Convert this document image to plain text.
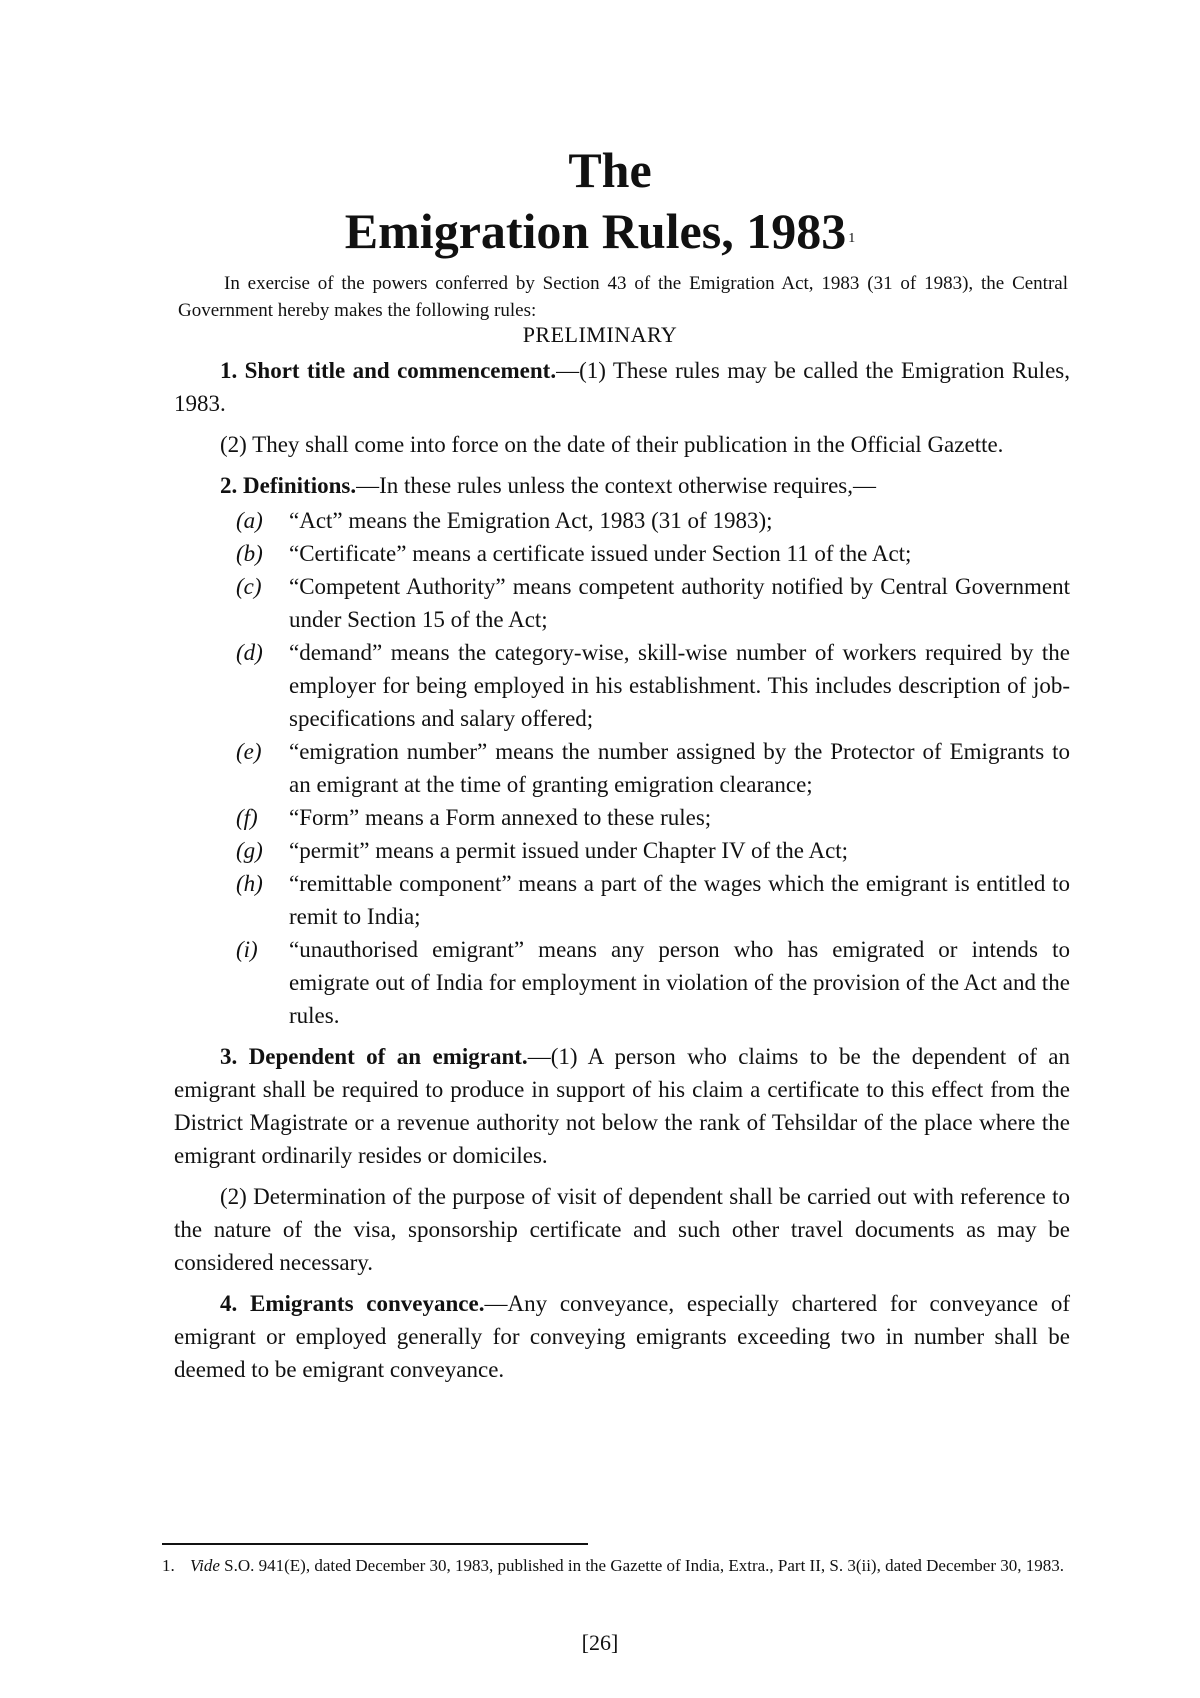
The
Emigration Rules, 1983 $^1$
In exercise of the powers conferred by Section 43 of the Emigration Act, 1983 (31 of 1983), the Central Government hereby makes the following rules:
PRELIMINARY

1. Short title and commencement.—(1) These rules may be called the Emigration Rules, 1983.

(2) They shall come into force on the date of their publication in the Official Gazette.

2. Definitions.—In these rules unless the context otherwise requires,—

(a) “Act” means the Emigration Act, 1983 (31 of 1983);
(b) “Certificate” means a certificate issued under Section 11 of the Act;
(c) “Competent Authority” means competent authority notified by Central Government under Section 15 of the Act;
(d) “demand” means the category-wise, skill-wise number of workers required by the employer for being employed in his establishment. This includes description of job-specifications and salary offered;
(e) “emigration number” means the number assigned by the Protector of Emigrants to an emigrant at the time of granting emigration clearance;
(f) “Form” means a Form annexed to these rules;
(g) “permit” means a permit issued under Chapter IV of the Act;
(h) “remittable component” means a part of the wages which the emigrant is entitled to remit to India;
(i) “unauthorised emigrant” means any person who has emigrated or intends to emigrate out of India for employment in violation of the provision of the Act and the rules.

3. Dependent of an emigrant.—(1) A person who claims to be the dependent of an emigrant shall be required to produce in support of his claim a certificate to this effect from the District Magistrate or a revenue authority not below the rank of Tehsildar of the place where the emigrant ordinarily resides or domiciles.

(2) Determination of the purpose of visit of dependent shall be carried out with reference to the nature of the visa, sponsorship certificate and such other travel documents as may be considered necessary.

4. Emigrants conveyance.—Any conveyance, especially chartered for conveyance of emigrant or employed generally for conveying emigrants exceeding two in number shall be deemed to be emigrant conveyance.

1. Vide S.O. 941(E), dated December 30, 1983, published in the Gazette of India, Extra., Part II, S. 3(ii), dated December 30, 1983.
[26]
